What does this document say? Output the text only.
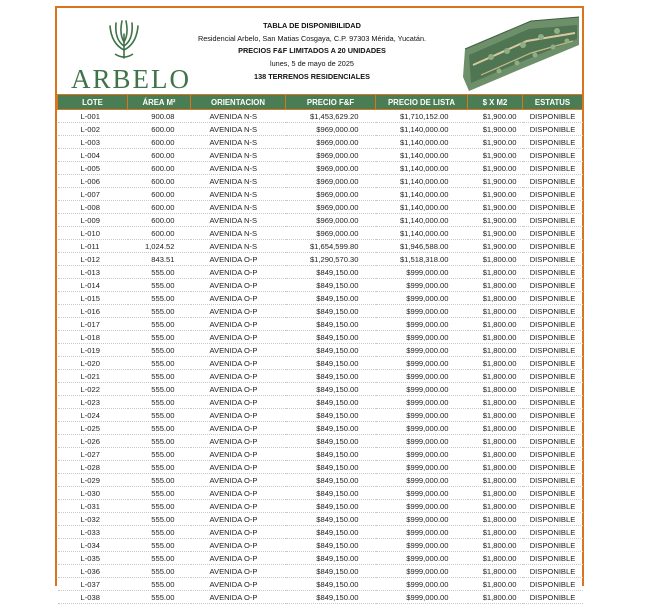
ARBELO
TABLA DE DISPONIBILIDAD
Residencial Arbelo, San Matias Cosgaya, C.P. 97303 Mérida, Yucatán.
PRECIOS F&F LIMITADOS A 20 UNIDADES
lunes, 5 de mayo de 2025
138 TERRENOS RESIDENCIALES
LOTE	ÁREA M²	ORIENTACION	PRECIO F&F	PRECIO DE LISTA	$ X M2	ESTATUS
L-001	900.08	AVENIDA N-S	$1,453,629.20	$1,710,152.00	$1,900.00	DISPONIBLE
L-002	600.00	AVENIDA N-S	$969,000.00	$1,140,000.00	$1,900.00	DISPONIBLE
L-003	600.00	AVENIDA N-S	$969,000.00	$1,140,000.00	$1,900.00	DISPONIBLE
L-004	600.00	AVENIDA N-S	$969,000.00	$1,140,000.00	$1,900.00	DISPONIBLE
L-005	600.00	AVENIDA N-S	$969,000.00	$1,140,000.00	$1,900.00	DISPONIBLE
L-006	600.00	AVENIDA N-S	$969,000.00	$1,140,000.00	$1,900.00	DISPONIBLE
L-007	600.00	AVENIDA N-S	$969,000.00	$1,140,000.00	$1,900.00	DISPONIBLE
L-008	600.00	AVENIDA N-S	$969,000.00	$1,140,000.00	$1,900.00	DISPONIBLE
L-009	600.00	AVENIDA N-S	$969,000.00	$1,140,000.00	$1,900.00	DISPONIBLE
L-010	600.00	AVENIDA N-S	$969,000.00	$1,140,000.00	$1,900.00	DISPONIBLE
L-011	1,024.52	AVENIDA N-S	$1,654,599.80	$1,946,588.00	$1,900.00	DISPONIBLE
L-012	843.51	AVENIDA O-P	$1,290,570.30	$1,518,318.00	$1,800.00	DISPONIBLE
L-013	555.00	AVENIDA O-P	$849,150.00	$999,000.00	$1,800.00	DISPONIBLE
L-014	555.00	AVENIDA O-P	$849,150.00	$999,000.00	$1,800.00	DISPONIBLE
L-015	555.00	AVENIDA O-P	$849,150.00	$999,000.00	$1,800.00	DISPONIBLE
L-016	555.00	AVENIDA O-P	$849,150.00	$999,000.00	$1,800.00	DISPONIBLE
L-017	555.00	AVENIDA O-P	$849,150.00	$999,000.00	$1,800.00	DISPONIBLE
L-018	555.00	AVENIDA O-P	$849,150.00	$999,000.00	$1,800.00	DISPONIBLE
L-019	555.00	AVENIDA O-P	$849,150.00	$999,000.00	$1,800.00	DISPONIBLE
L-020	555.00	AVENIDA O-P	$849,150.00	$999,000.00	$1,800.00	DISPONIBLE
L-021	555.00	AVENIDA O-P	$849,150.00	$999,000.00	$1,800.00	DISPONIBLE
L-022	555.00	AVENIDA O-P	$849,150.00	$999,000.00	$1,800.00	DISPONIBLE
L-023	555.00	AVENIDA O-P	$849,150.00	$999,000.00	$1,800.00	DISPONIBLE
L-024	555.00	AVENIDA O-P	$849,150.00	$999,000.00	$1,800.00	DISPONIBLE
L-025	555.00	AVENIDA O-P	$849,150.00	$999,000.00	$1,800.00	DISPONIBLE
L-026	555.00	AVENIDA O-P	$849,150.00	$999,000.00	$1,800.00	DISPONIBLE
L-027	555.00	AVENIDA O-P	$849,150.00	$999,000.00	$1,800.00	DISPONIBLE
L-028	555.00	AVENIDA O-P	$849,150.00	$999,000.00	$1,800.00	DISPONIBLE
L-029	555.00	AVENIDA O-P	$849,150.00	$999,000.00	$1,800.00	DISPONIBLE
L-030	555.00	AVENIDA O-P	$849,150.00	$999,000.00	$1,800.00	DISPONIBLE
L-031	555.00	AVENIDA O-P	$849,150.00	$999,000.00	$1,800.00	DISPONIBLE
L-032	555.00	AVENIDA O-P	$849,150.00	$999,000.00	$1,800.00	DISPONIBLE
L-033	555.00	AVENIDA O-P	$849,150.00	$999,000.00	$1,800.00	DISPONIBLE
L-034	555.00	AVENIDA O-P	$849,150.00	$999,000.00	$1,800.00	DISPONIBLE
L-035	555.00	AVENIDA O-P	$849,150.00	$999,000.00	$1,800.00	DISPONIBLE
L-036	555.00	AVENIDA O-P	$849,150.00	$999,000.00	$1,800.00	DISPONIBLE
L-037	555.00	AVENIDA O-P	$849,150.00	$999,000.00	$1,800.00	DISPONIBLE
L-038	555.00	AVENIDA O-P	$849,150.00	$999,000.00	$1,800.00	DISPONIBLE
